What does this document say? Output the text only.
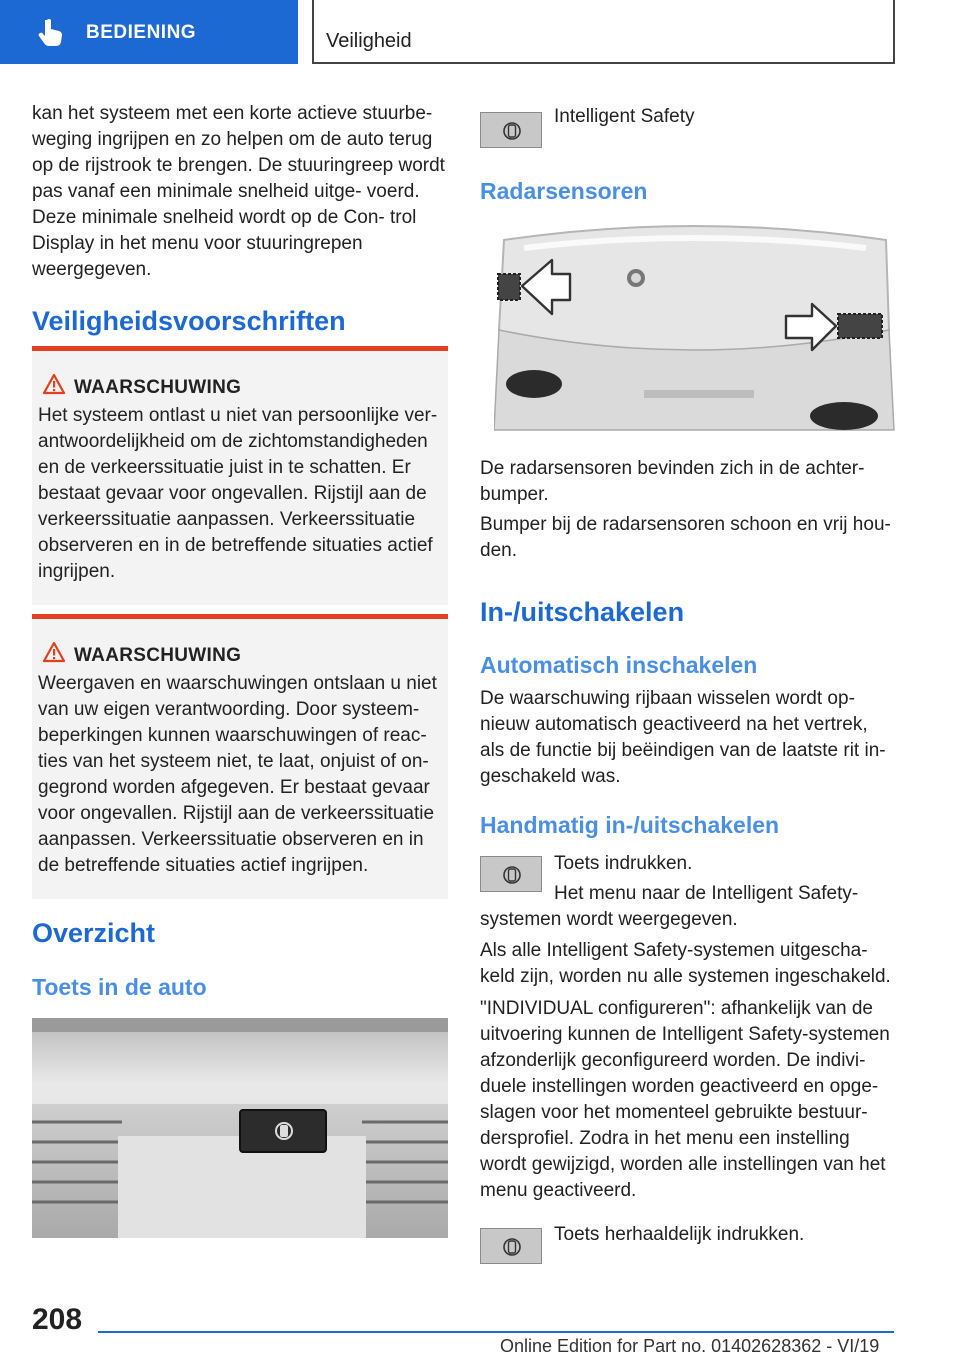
BEDIENING	Veiligheid

kan het systeem met een korte actieve stuurbe- weging ingrijpen en zo helpen om de auto terug op de rijstrook te brengen. De stuuringreep wordt pas vanaf een minimale snelheid uitge- voerd. Deze minimale snelheid wordt op de Con- trol Display in het menu voor stuuringrepen weergegeven.

Veiligheidsvoorschriften
WAARSCHUWING

Het systeem ontlast u niet van persoonlijke ver- antwoordelijkheid om de zichtomstandigheden en de verkeerssituatie juist in te schatten. Er bestaat gevaar voor ongevallen. Rijstijl aan de verkeerssituatie aanpassen. Verkeerssituatie observeren en in de betreffende situaties actief ingrijpen.

WAARSCHUWING

Weergaven en waarschuwingen ontslaan u niet van uw eigen verantwoording. Door systeem- beperkingen kunnen waarschuwingen of reac- ties van het systeem niet, te laat, onjuist of on- gegrond worden afgegeven. Er bestaat gevaar voor ongevallen. Rijstijl aan de verkeerssituatie aanpassen. Verkeerssituatie observeren en in de betreffende situaties actief ingrijpen.

Overzicht
Toets in de auto
Intelligent Safety
Radarsensoren

De radarsensoren bevinden zich in de achter- bumper.

Bumper bij de radarsensoren schoon en vrij hou- den.

In-/uitschakelen
Automatisch inschakelen

De waarschuwing rijbaan wisselen wordt op- nieuw automatisch geactiveerd na het vertrek, als de functie bij beëindigen van de laatste rit in- geschakeld was.

Handmatig in-/uitschakelen
Toets indrukken.
Het menu naar de Intelligent Safety-
systemen wordt weergegeven.

Als alle Intelligent Safety-systemen uitgescha- keld zijn, worden nu alle systemen ingeschakeld.

"INDIVIDUAL configureren": afhankelijk van de uitvoering kunnen de Intelligent Safety-systemen afzonderlijk geconfigureerd worden. De indivi- duele instellingen worden geactiveerd en opge- slagen voor het momenteel gebruikte bestuur- dersprofiel. Zodra in het menu een instelling wordt gewijzigd, worden alle instellingen van het menu geactiveerd.

Toets herhaaldelijk indrukken.
208
Online Edition for Part no. 01402628362 - VI/19
